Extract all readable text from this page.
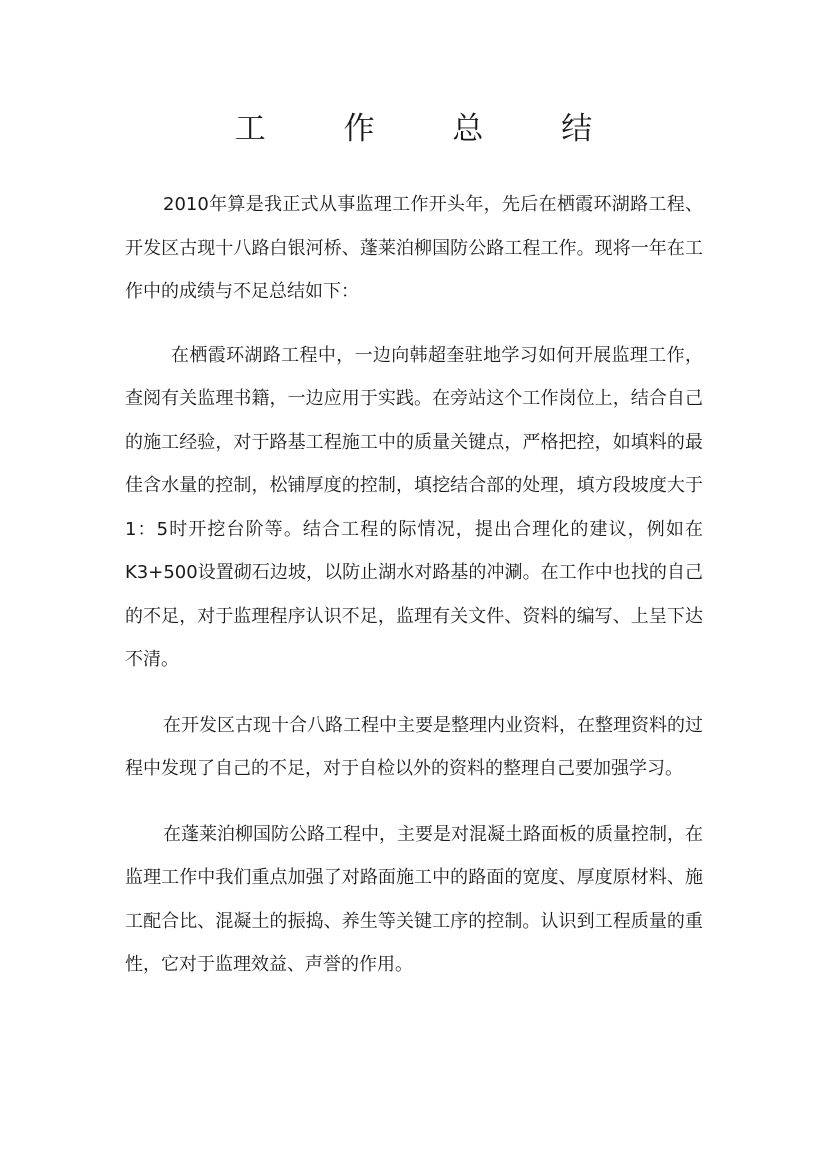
工 作 总 结

2010年算是我正式从事监理工作开头年，先后在栖霞环湖路工程、开发区古现十八路白银河桥、蓬莱泊柳国防公路工程工作。现将一年在工作中的成绩与不足总结如下：

在栖霞环湖路工程中，一边向韩超奎驻地学习如何开展监理工作，查阅有关监理书籍，一边应用于实践。在旁站这个工作岗位上，结合自己的施工经验，对于路基工程施工中的质量关键点，严格把控，如填料的最佳含水量的控制，松铺厚度的控制，填挖结合部的处理，填方段坡度大于1：5时开挖台阶等。结合工程的际情况，提出合理化的建议，例如在K3+500设置砌石边坡，以防止湖水对路基的冲涮。在工作中也找的自己的不足，对于监理程序认识不足，监理有关文件、资料的编写、上呈下达不清。

在开发区古现十合八路工程中主要是整理内业资料，在整理资料的过程中发现了自己的不足，对于自检以外的资料的整理自己要加强学习。

在蓬莱泊柳国防公路工程中，主要是对混凝土路面板的质量控制，在监理工作中我们重点加强了对路面施工中的路面的宽度、厚度原材料、施工配合比、混凝土的振捣、养生等关键工序的控制。认识到工程质量的重性，它对于监理效益、声誉的作用。
